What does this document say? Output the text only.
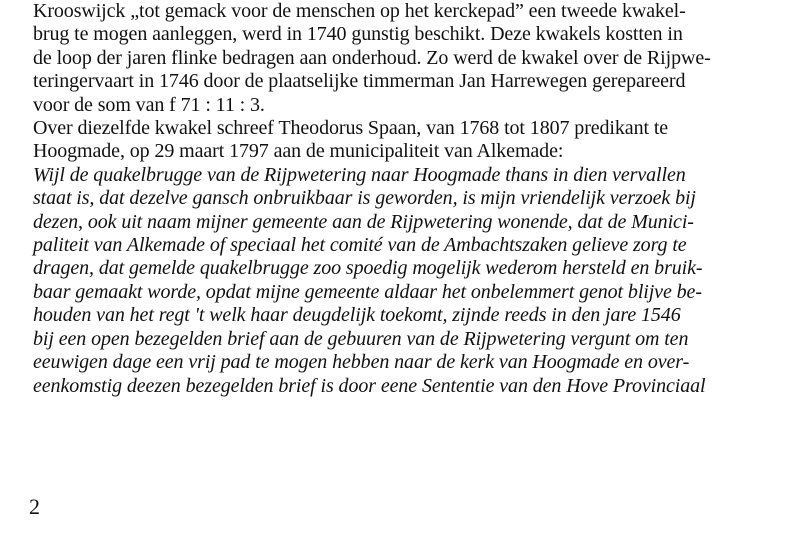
Krooswijck „tot gemack voor de menschen op het kerckepad” een tweede kwakel-
brug te mogen aanleggen, werd in 1740 gunstig beschikt. Deze kwakels kostten in
de loop der jaren flinke bedragen aan onderhoud. Zo werd de kwakel over de Rijpwe-
teringervaart in 1746 door de plaatselijke timmerman Jan Harrewegen gerepareerd
voor de som van f 71 : 11 : 3.
Over diezelfde kwakel schreef Theodorus Spaan, van 1768 tot 1807 predikant te
Hoogmade, op 29 maart 1797 aan de municipaliteit van Alkemade:
Wijl de quakelbrugge van de Rijpwetering naar Hoogmade thans in dien vervallen
staat is, dat dezelve gansch onbruikbaar is geworden, is mijn vriendelijk verzoek bij
dezen, ook uit naam mijner gemeente aan de Rijpwetering wonende, dat de Munici-
paliteit van Alkemade of speciaal het comité van de Ambachtszaken gelieve zorg te
dragen, dat gemelde quakelbrugge zoo spoedig mogelijk wederom hersteld en bruik-
baar gemaakt worde, opdat mijne gemeente aldaar het onbelemmert genot blijve be-
houden van het regt 't welk haar deugdelijk toekomt, zijnde reeds in den jare 1546
bij een open bezegelden brief aan de gebuuren van de Rijpwetering vergunt om ten
eeuwigen dage een vrij pad te mogen hebben naar de kerk van Hoogmade en over-
eenkomstig deezen bezegelden brief is door eene Sententie van den Hove Provinciaal
2
